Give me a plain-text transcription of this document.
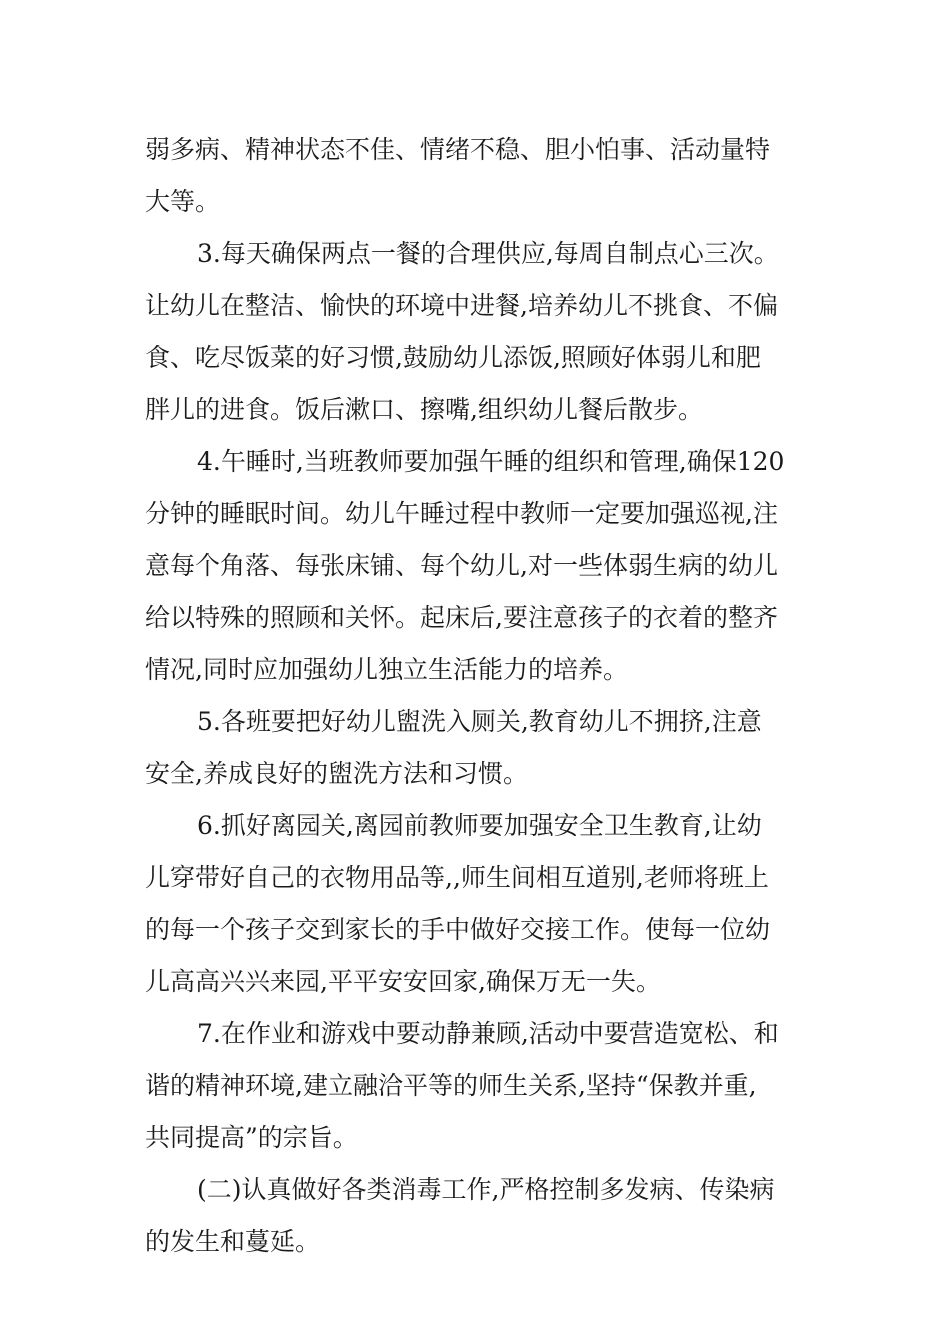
弱多病、精神状态不佳、情绪不稳、胆小怕事、活动量特
大等。
3.每天确保两点一餐的合理供应,每周自制点心三次。
让幼儿在整洁、愉快的环境中进餐,培养幼儿不挑食、不偏
食、吃尽饭菜的好习惯,鼓励幼儿添饭,照顾好体弱儿和肥
胖儿的进食。饭后漱口、擦嘴,组织幼儿餐后散步。
4.午睡时,当班教师要加强午睡的组织和管理,确保120
分钟的睡眠时间。幼儿午睡过程中教师一定要加强巡视,注
意每个角落、每张床铺、每个幼儿,对一些体弱生病的幼儿
给以特殊的照顾和关怀。起床后,要注意孩子的衣着的整齐
情况,同时应加强幼儿独立生活能力的培养。
5.各班要把好幼儿盥洗入厕关,教育幼儿不拥挤,注意
安全,养成良好的盥洗方法和习惯。
6.抓好离园关,离园前教师要加强安全卫生教育,让幼
儿穿带好自己的衣物用品等,,师生间相互道别,老师将班上
的每一个孩子交到家长的手中做好交接工作。使每一位幼
儿高高兴兴来园,平平安安回家,确保万无一失。
7.在作业和游戏中要动静兼顾,活动中要营造宽松、和
谐的精神环境,建立融洽平等的师生关系,坚持“保教并重,
共同提高”的宗旨。
(二)认真做好各类消毒工作,严格控制多发病、传染病
的发生和蔓延。
